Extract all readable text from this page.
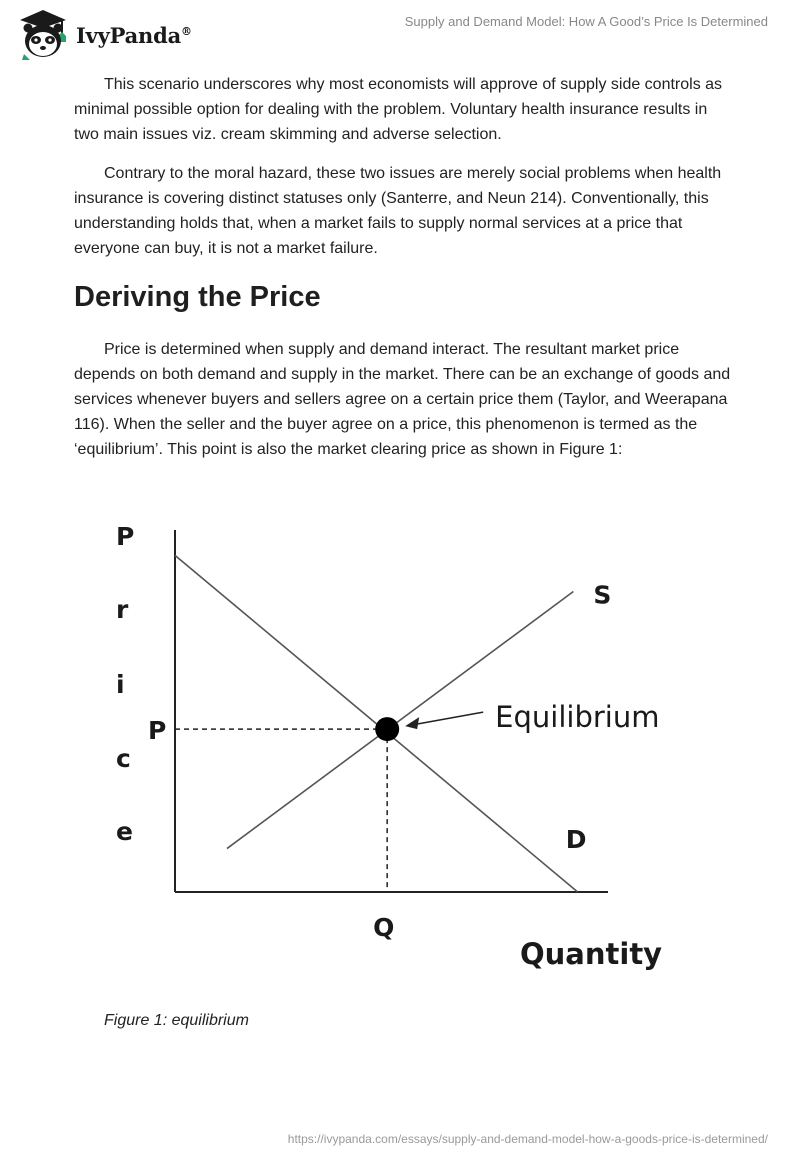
IvyPanda®
Supply and Demand Model: How A Good’s Price Is Determined

This scenario underscores why most economists will approve of supply side controls as minimal possible option for dealing with the problem. Voluntary health insurance results in two main issues viz. cream skimming and adverse selection.

Contrary to the moral hazard, these two issues are merely social problems when health insurance is covering distinct statuses only (Santerre, and Neun 214). Conventionally, this understanding holds that, when a market fails to supply normal services at a price that everyone can buy, it is not a market failure.

Deriving the Price

Price is determined when supply and demand interact. The resultant market price depends on both demand and supply in the market. There can be an exchange of goods and services whenever buyers and sellers agree on a certain price them (Taylor, and Weerapana 116). When the seller and the buyer agree on a price, this phenomenon is termed as the ‘equilibrium’. This point is also the market clearing price as shown in Figure 1:

P
r
i
c
e
Equilibrium
P
Q
S
D
Quantity
Figure 1: equilibrium
https://ivypanda.com/essays/supply-and-demand-model-how-a-goods-price-is-determined/
